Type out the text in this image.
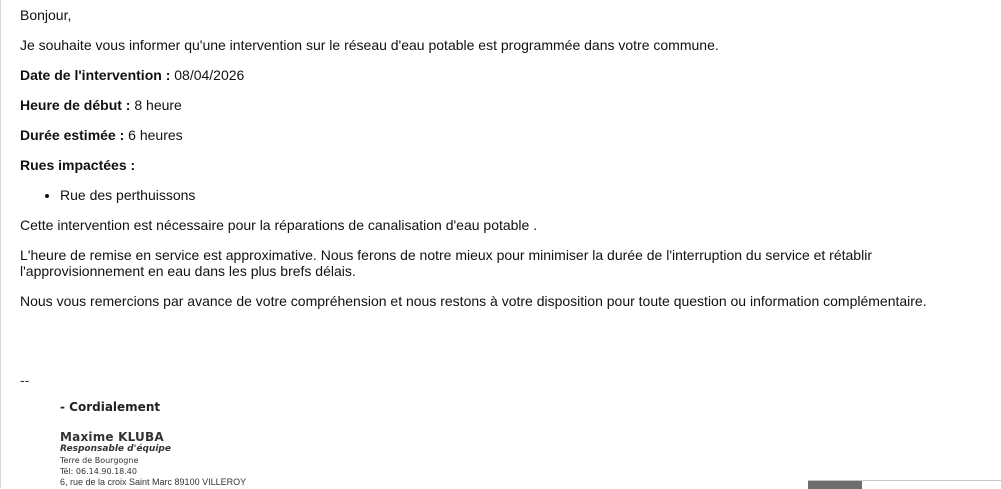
Bonjour,

Je souhaite vous informer qu'une intervention sur le réseau d'eau potable est programmée dans votre commune.

Date de l'intervention : 08/04/2026

Heure de début : 8 heure

Durée estimée : 6 heures

Rues impactées :

• Rue des perthuissons

Cette intervention est nécessaire pour la réparations de canalisation d'eau potable .

L'heure de remise en service est approximative. Nous ferons de notre mieux pour minimiser la durée de l'interruption du service et rétablir
l'approvisionnement en eau dans les plus brefs délais.

Nous vous remercions par avance de votre compréhension et nous restons à votre disposition pour toute question ou information complémentaire.

--

- Cordialement
Maxime KLUBA
Responsable d'équipe
Terre de Bourgogne
Tél: 06.14.90.18.40
6, rue de la croix Saint Marc 89100 VILLEROY
